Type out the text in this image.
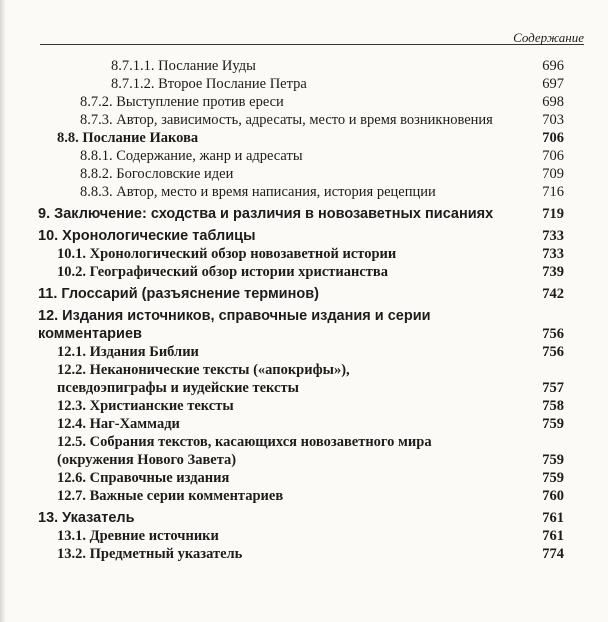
Содержание
8.7.1.1. Послание Иуды	696
8.7.1.2. Второе Послание Петра	697
8.7.2. Выступление против ереси	698
8.7.3. Автор, зависимость, адресаты, место и время возникновения	703
8.8. Послание Иакова	706
8.8.1. Содержание, жанр и адресаты	706
8.8.2. Богословские идеи	709
8.8.3. Автор, место и время написания, история рецепции	716
9. Заключение: сходства и различия в новозаветных писаниях	719
10. Хронологические таблицы	733
10.1. Хронологический обзор новозаветной истории	733
10.2. Географический обзор истории христианства	739
11. Глоссарий (разъяснение терминов)	742
12. Издания источников, справочные издания и серии комментариев	756
12.1. Издания Библии	756
12.2. Неканонические тексты («апокрифы»), псевдоэпиграфы и иудейские тексты	757
12.3. Христианские тексты	758
12.4. Наг-Хаммади	759
12.5. Собрания текстов, касающихся новозаветного мира (окружения Нового Завета)	759
12.6. Справочные издания	759
12.7. Важные серии комментариев	760
13. Указатель	761
13.1. Древние источники	761
13.2. Предметный указатель	774
